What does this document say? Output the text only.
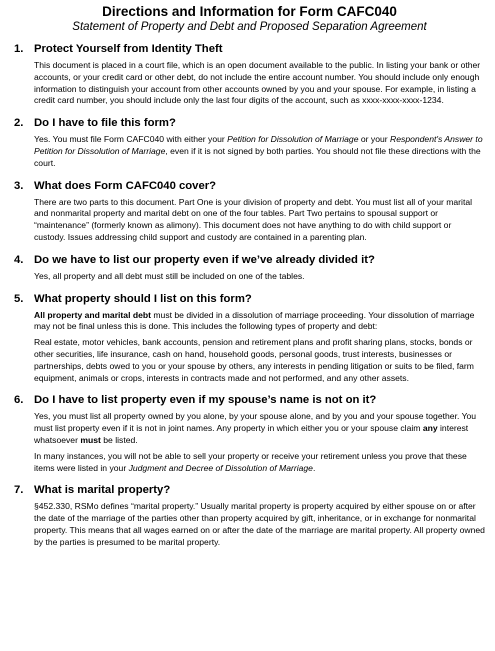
Directions and Information for Form CAFC040
Statement of Property and Debt and Proposed Separation Agreement
1. Protect Yourself from Identity Theft
This document is placed in a court file, which is an open document available to the public. In listing your bank or other accounts, or your credit card or other debt, do not include the entire account number. You should include only enough information to distinguish your account from other accounts owned by you and your spouse. For example, in listing a credit card number, you should include only the last four digits of the account, such as xxxx-xxxx-xxxx-1234.
2. Do I have to file this form?
Yes. You must file Form CAFC040 with either your Petition for Dissolution of Marriage or your Respondent's Answer to Petition for Dissolution of Marriage, even if it is not signed by both parties. You should not file these directions with the court.
3. What does Form CAFC040 cover?
There are two parts to this document. Part One is your division of property and debt. You must list all of your marital and nonmarital property and marital debt on one of the four tables. Part Two pertains to spousal support or “maintenance” (formerly known as alimony). This document does not have anything to do with child support or custody. Issues addressing child support and custody are contained in a parenting plan.
4. Do we have to list our property even if we’ve already divided it?
Yes, all property and all debt must still be included on one of the tables.
5. What property should I list on this form?
All property and marital debt must be divided in a dissolution of marriage proceeding. Your dissolution of marriage may not be final unless this is done. This includes the following types of property and debt:
Real estate, motor vehicles, bank accounts, pension and retirement plans and profit sharing plans, stocks, bonds or other securities, life insurance, cash on hand, household goods, personal goods, trust interests, businesses or partnerships, debts owed to you or your spouse by others, any interests in pending litigation or suits to be filed, farm equipment, animals or crops, interests in contracts made and not performed, and any other assets.
6. Do I have to list property even if my spouse’s name is not on it?
Yes, you must list all property owned by you alone, by your spouse alone, and by you and your spouse together. You must list property even if it is not in joint names. Any property in which either you or your spouse claim any interest whatsoever must be listed.
In many instances, you will not be able to sell your property or receive your retirement unless you prove that these items were listed in your Judgment and Decree of Dissolution of Marriage.
7. What is marital property?
§452.330, RSMo defines “marital property.” Usually marital property is property acquired by either spouse on or after the date of the marriage of the parties other than property acquired by gift, inheritance, or in exchange for nonmarital property. This means that all wages earned on or after the date of the marriage are marital property. All property owned by the parties is presumed to be marital property.
